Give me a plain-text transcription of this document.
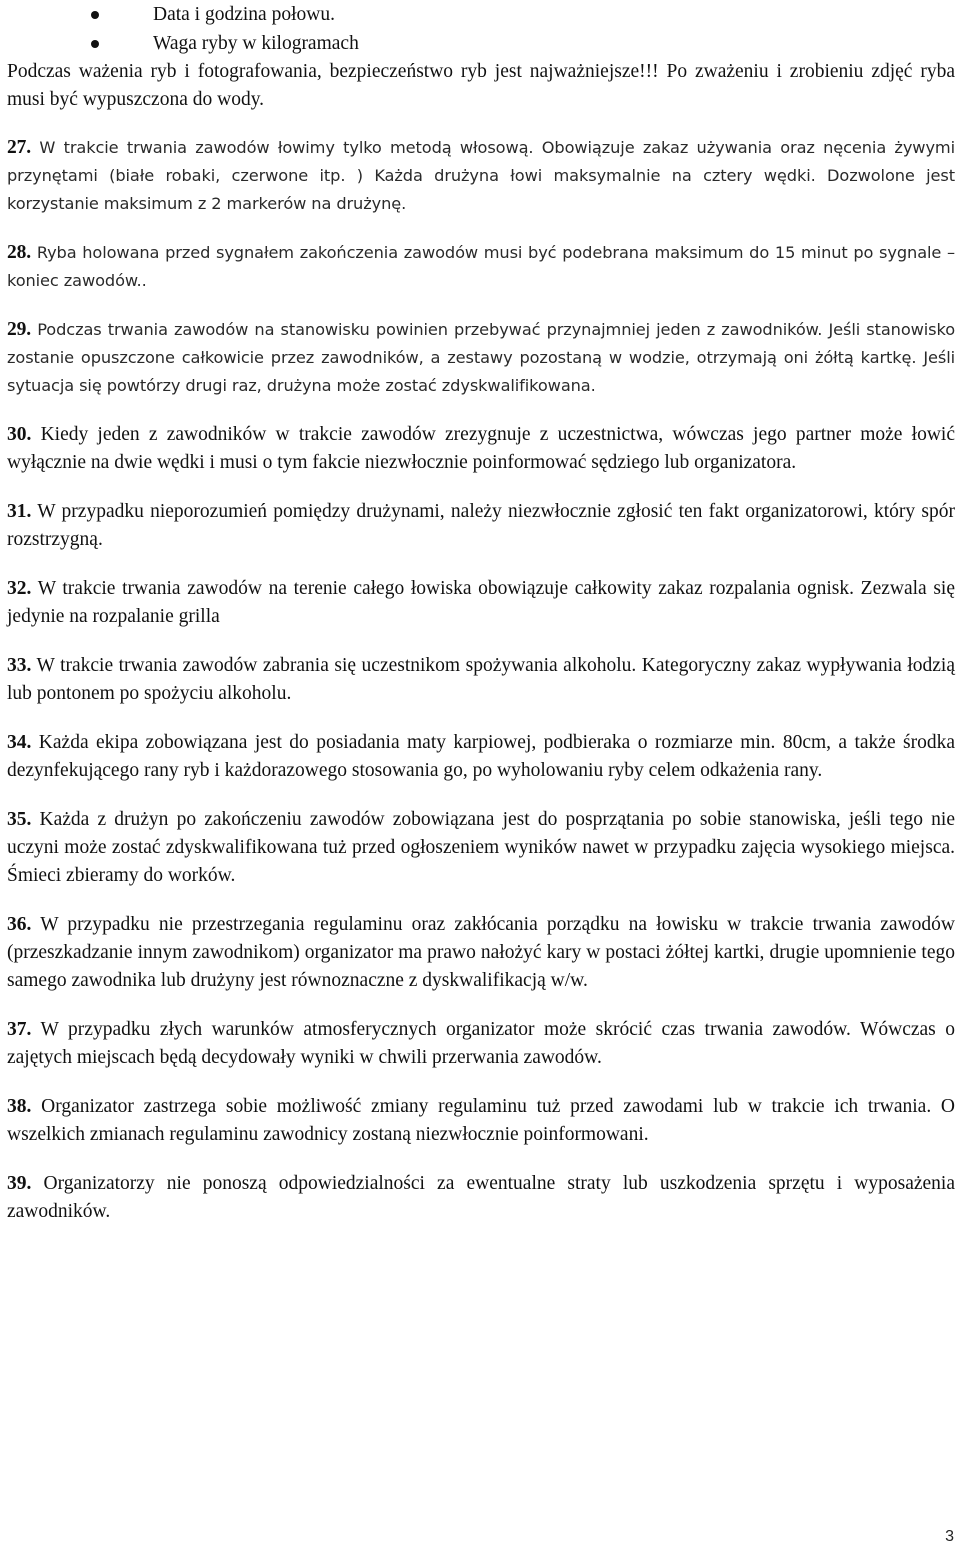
Data i godzina połowu.
Waga ryby w kilogramach

Podczas ważenia ryb i fotografowania, bezpieczeństwo ryb jest najważniejsze!!! Po zważeniu i zrobieniu zdjęć ryba musi być wypuszczona do wody.

27. W trakcie trwania zawodów łowimy tylko metodą włosową. Obowiązuje zakaz używania oraz nęcenia żywymi przynętami (białe robaki, czerwone itp. ) Każda drużyna łowi maksymalnie na cztery wędki. Dozwolone jest korzystanie maksimum z 2 markerów na drużynę.

28. Ryba holowana przed sygnałem zakończenia zawodów musi być podebrana maksimum do 15 minut po sygnale – koniec zawodów..

29. Podczas trwania zawodów na stanowisku powinien przebywać przynajmniej jeden z zawodników. Jeśli stanowisko zostanie opuszczone całkowicie przez zawodników, a zestawy pozostaną w wodzie, otrzymają oni żółtą kartkę. Jeśli sytuacja się powtórzy drugi raz, drużyna może zostać zdyskwalifikowana.

30. Kiedy jeden z zawodników w trakcie zawodów zrezygnuje z uczestnictwa, wówczas jego partner może łowić wyłącznie na dwie wędki i musi o tym fakcie niezwłocznie poinformować sędziego lub organizatora.

31. W przypadku nieporozumień pomiędzy drużynami, należy niezwłocznie zgłosić ten fakt organizatorowi, który spór rozstrzygną.

32. W trakcie trwania zawodów na terenie całego łowiska obowiązuje całkowity zakaz rozpalania ognisk. Zezwala się jedynie na rozpalanie grilla

33. W trakcie trwania zawodów zabrania się uczestnikom spożywania alkoholu. Kategoryczny zakaz wypływania łodzią lub pontonem po spożyciu alkoholu.

34. Każda ekipa zobowiązana jest do posiadania maty karpiowej, podbieraka o rozmiarze min. 80cm, a także środka dezynfekującego rany ryb i każdorazowego stosowania go, po wyholowaniu ryby celem odkażenia rany.

35. Każda z drużyn po zakończeniu zawodów zobowiązana jest do posprzątania po sobie stanowiska, jeśli tego nie uczyni może zostać zdyskwalifikowana tuż przed ogłoszeniem wyników nawet w przypadku zajęcia wysokiego miejsca. Śmieci zbieramy do worków.

36. W przypadku nie przestrzegania regulaminu oraz zakłócania porządku na łowisku w trakcie trwania zawodów (przeszkadzanie innym zawodnikom) organizator ma prawo nałożyć kary w postaci żółtej kartki, drugie upomnienie tego samego zawodnika lub drużyny jest równoznaczne z dyskwalifikacją w/w.

37. W przypadku złych warunków atmosferycznych organizator może skrócić czas trwania zawodów. Wówczas o zajętych miejscach będą decydowały wyniki w chwili przerwania zawodów.

38. Organizator zastrzega sobie możliwość zmiany regulaminu tuż przed zawodami lub w trakcie ich trwania. O wszelkich zmianach regulaminu zawodnicy zostaną niezwłocznie poinformowani.

39. Organizatorzy nie ponoszą odpowiedzialności za ewentualne straty lub uszkodzenia sprzętu i wyposażenia zawodników.

3
